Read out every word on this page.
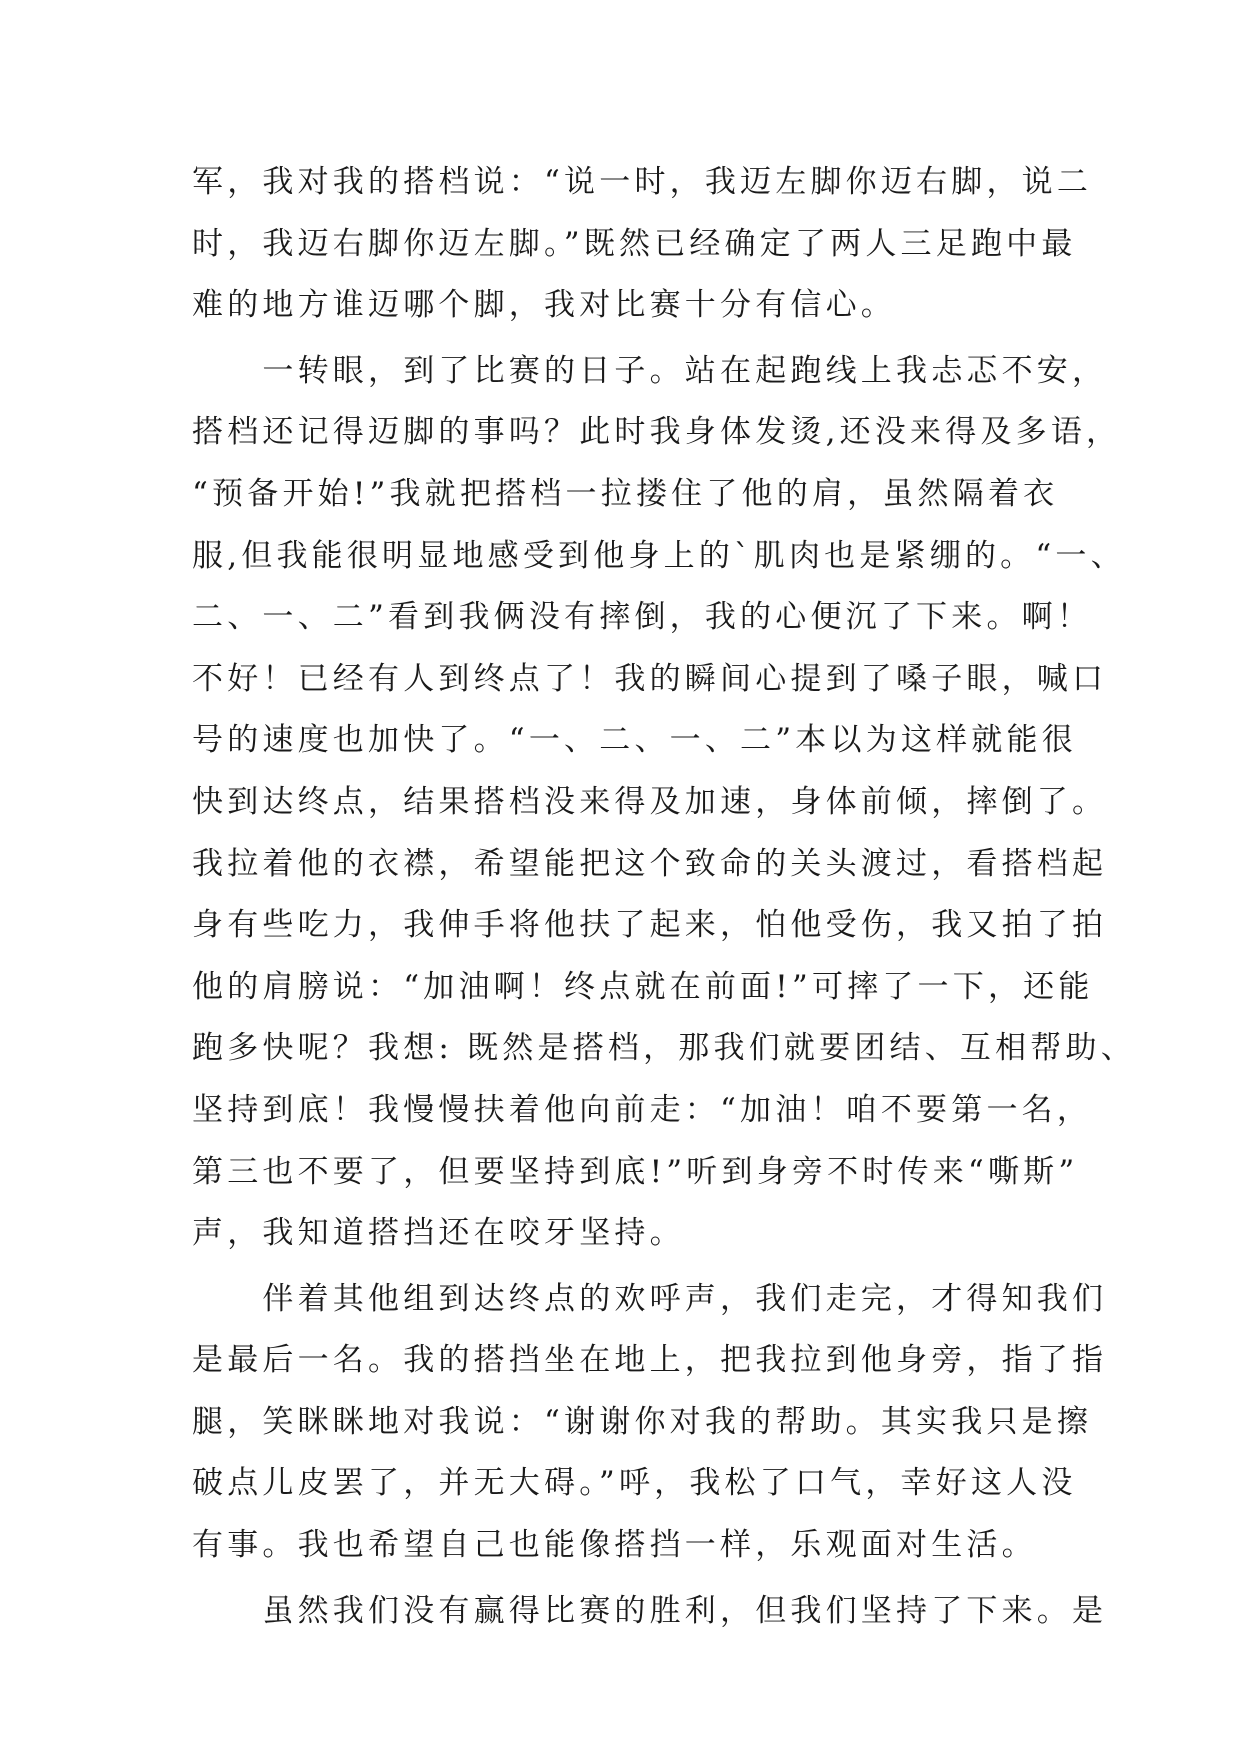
军，我对我的搭档说：“说一时，我迈左脚你迈右脚，说二
时，我迈右脚你迈左脚。”既然已经确定了两人三足跑中最
难的地方谁迈哪个脚，我对比赛十分有信心。
　　一转眼，到了比赛的日子。站在起跑线上我忐忑不安，
搭档还记得迈脚的事吗？此时我身体发烫,还没来得及多语，
“预备开始!”我就把搭档一拉搂住了他的肩，虽然隔着衣
服,但我能很明显地感受到他身上的`肌肉也是紧绷的。“一、
二、一、二”看到我俩没有摔倒，我的心便沉了下来。啊！
不好！已经有人到终点了！我的瞬间心提到了嗓子眼，喊口
号的速度也加快了。“一、二、一、二”本以为这样就能很
快到达终点，结果搭档没来得及加速，身体前倾，摔倒了。
我拉着他的衣襟，希望能把这个致命的关头渡过，看搭档起
身有些吃力，我伸手将他扶了起来，怕他受伤，我又拍了拍
他的肩膀说：“加油啊！终点就在前面!”可摔了一下，还能
跑多快呢？我想: 既然是搭档，那我们就要团结、互相帮助、
坚持到底！我慢慢扶着他向前走：“加油！咱不要第一名，
第三也不要了，但要坚持到底!”听到身旁不时传来“嘶斯”
声，我知道搭挡还在咬牙坚持。
　　伴着其他组到达终点的欢呼声，我们走完，才得知我们
是最后一名。我的搭挡坐在地上，把我拉到他身旁，指了指
腿，笑眯眯地对我说：“谢谢你对我的帮助。其实我只是擦
破点儿皮罢了，并无大碍。”呼，我松了口气，幸好这人没
有事。我也希望自己也能像搭挡一样，乐观面对生活。
　　虽然我们没有赢得比赛的胜利，但我们坚持了下来。是
